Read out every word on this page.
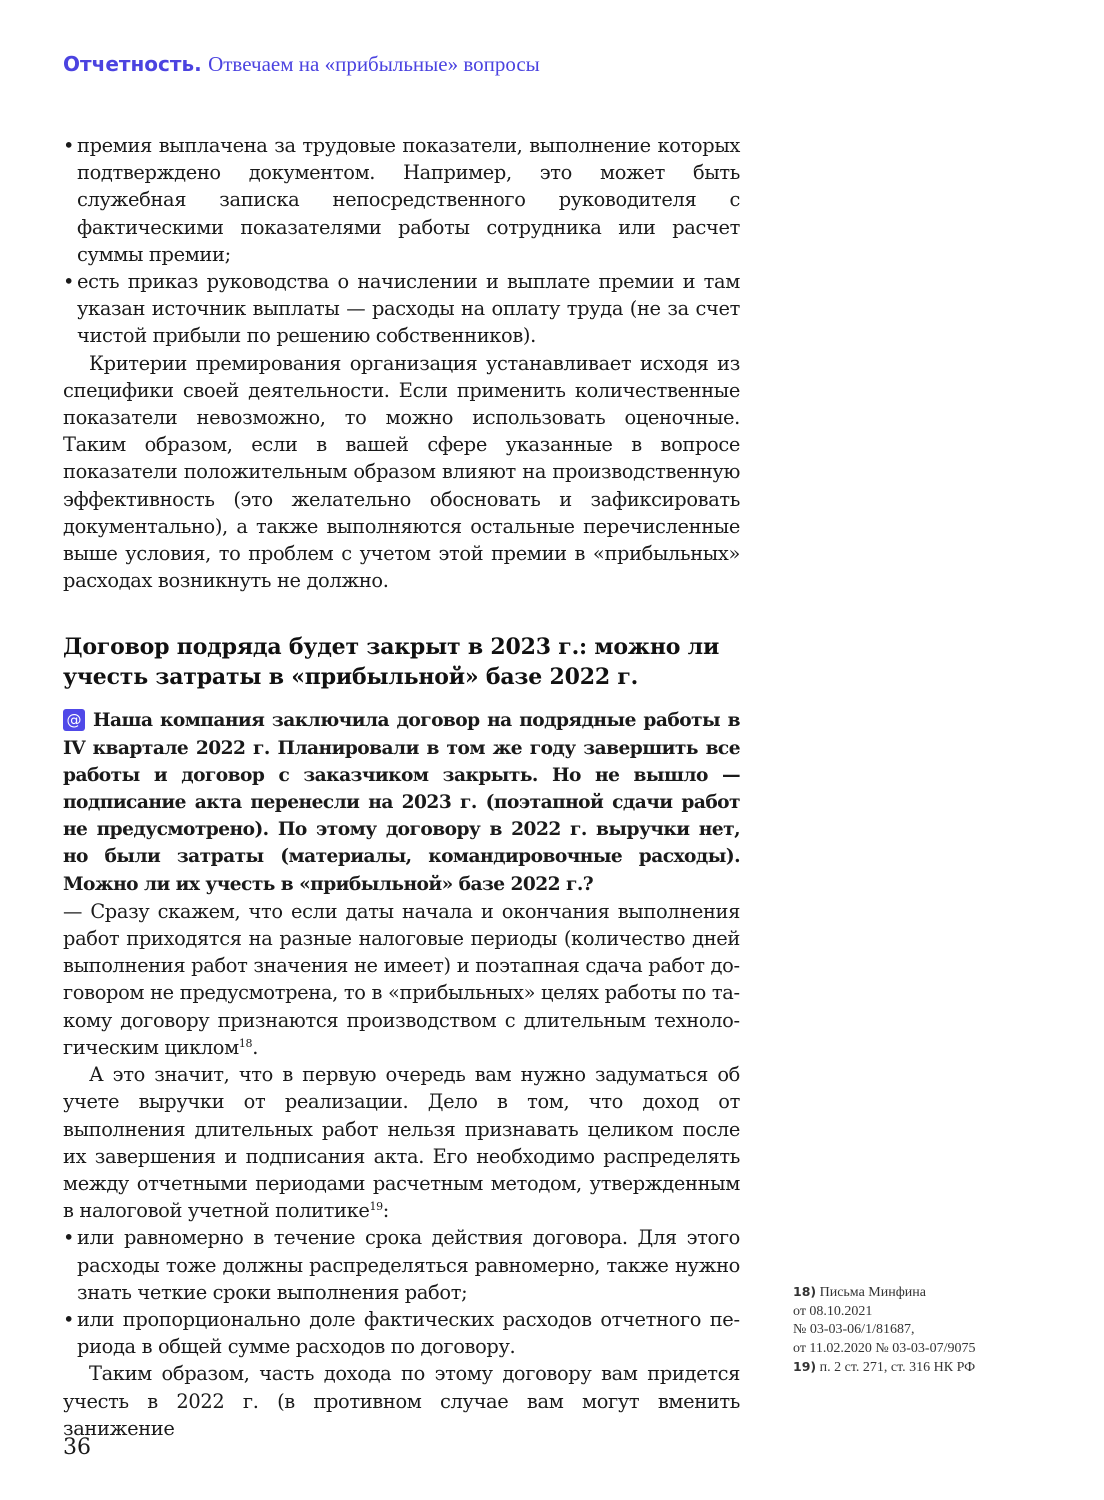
Отчетность. Отвечаем на «прибыльные» вопросы
• премия выплачена за трудовые показатели, выполнение которых подтверждено документом. Например, это может быть служебная записка непосредственного руководителя с фактическими показателями работы сотрудника или расчет суммы премии;
• есть приказ руководства о начислении и выплате премии и там указан источник выплаты — расходы на оплату труда (не за счет чистой прибыли по решению собственников).

Критерии премирования организация устанавливает исходя из специфики своей деятельности. Если применить количественные показатели невозможно, то можно использовать оценочные. Таким образом, если в вашей сфере указанные в вопросе показатели положительным образом влияют на производственную эффективность (это желательно обосновать и зафиксировать документально), а также выполняются остальные перечисленные выше условия, то проблем с учетом этой премии в «прибыльных» расходах возникнуть не должно.

Договор подряда будет закрыт в 2023 г.: можно ли учесть затраты в «прибыльной» базе 2022 г.

@ Наша компания заключила договор на подрядные работы в IV квартале 2022 г. Планировали в том же году завершить все работы и договор с заказчиком закрыть. Но не вышло — подписание акта перенесли на 2023 г. (поэтапной сдачи работ не предусмотрено). По этому договору в 2022 г. выручки нет, но были затраты (материалы, командировочные расходы). Можно ли их учесть в «прибыльной» базе 2022 г.?

— Сразу скажем, что если даты начала и окончания выполнения работ приходятся на разные налоговые периоды (количество дней выполнения работ значения не имеет) и поэтапная сдача работ договором не предусмотрена, то в «прибыльных» целях работы по такому договору признаются производством с длительным технологическим циклом$^{18}$.

А это значит, что в первую очередь вам нужно задуматься об учете выручки от реализации. Дело в том, что доход от выполнения длительных работ нельзя признавать целиком после их завершения и подписания акта. Его необходимо распределять между отчетными периодами расчетным методом, утвержденным в налоговой учетной политике$^{19}$:

• или равномерно в течение срока действия договора. Для этого расходы тоже должны распределяться равномерно, также нужно знать четкие сроки выполнения работ;
• или пропорционально доле фактических расходов отчетного периода в общей сумме расходов по договору.

Таким образом, часть дохода по этому договору вам придется учесть в 2022 г. (в противном случае вам могут вменить занижение

18) Письма Минфина
от 08.10.2021
№ 03-03-06/1/81687,
от 11.02.2020 № 03-03-07/9075

19) п. 2 ст. 271, ст. 316 НК РФ

36
